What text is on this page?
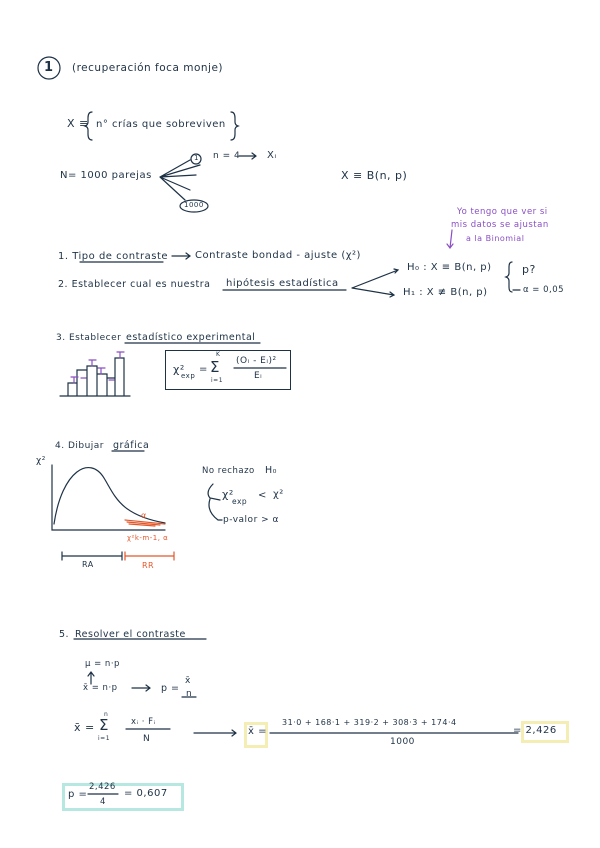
1 (recuperación foca monje)
X ≡ n° crías que sobreviven
N= 1000 parejas
1 n = 4	Xᵢ
1000
X ≡ B(n, p)
Yo tengo que ver si
mis datos se ajustan
a la Binomial
1. Tipo de contraste	Contraste bondad - ajuste (χ²)
2. Establecer cual es nuestra hipótesis estadística
H₀ : X ≡ B(n, p)
H₁ : X ≢ B(n, p)
p?
α = 0,05
3. Establecer estadístico experimental
χ²
exp
=
K
Σ
i=1
(Oᵢ - Eᵢ)²
Eᵢ
4. Dibujar gráfica
χ²
α
χ²k-m-1, α
RA	RR
No rechazo H₀
χ²
exp
< χ²
p-valor > α
5. Resolver el contraste
μ = n·p
x̄ = n·p	p =
x̄
n
x̄ =
n
Σ
i=1
xᵢ · Fᵢ
N
x̄ =
31·0 + 168·1 + 319·2 + 308·3 + 174·4
1000
= 2,426
p =
2,426
4
= 0,607
